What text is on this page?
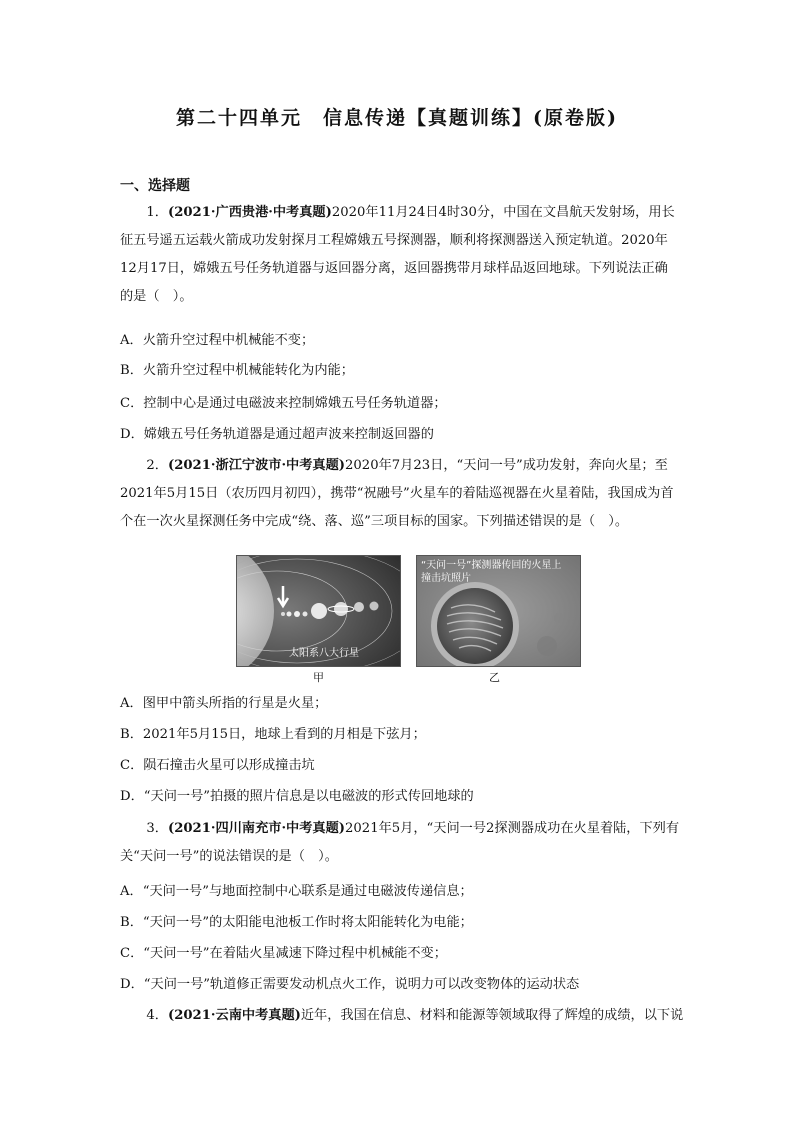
第二十四单元　信息传递【真题训练】(原卷版)
一、选择题
1．(2021·广西贵港·中考真题)2020年11月24日4时30分，中国在文昌航天发射场，用长征五号遥五运载火箭成功发射探月工程嫦娥五号探测器，顺利将探测器送入预定轨道。2020年12月17日，嫦娥五号任务轨道器与返回器分离，返回器携带月球样品返回地球。下列说法正确的是（　）。
A．火箭升空过程中机械能不变；
B．火箭升空过程中机械能转化为内能；
C．控制中心是通过电磁波来控制嫦娥五号任务轨道器；
D．嫦娥五号任务轨道器是通过超声波来控制返回器的
2．(2021·浙江宁波市·中考真题)2020年7月23日，“天问一号”成功发射，奔向火星；至2021年5月15日（农历四月初四），携带“祝融号”火星车的着陆巡视器在火星着陆，我国成为首个在一次火星探测任务中完成“绕、落、巡”三项目标的国家。下列描述错误的是（　）。
太阳系八大行星
甲
“天问一号”探测器传回的火星上撞击坑照片
乙
A．图甲中箭头所指的行星是火星；
B．2021年5月15日，地球上看到的月相是下弦月；
C．陨石撞击火星可以形成撞击坑
D．“天问一号”拍摄的照片信息是以电磁波的形式传回地球的
3．(2021·四川南充市·中考真题)2021年5月，“天问一号2探测器成功在火星着陆，下列有关“天问一号”的说法错误的是（　）。
A．“天问一号”与地面控制中心联系是通过电磁波传递信息；
B．“天问一号”的太阳能电池板工作时将太阳能转化为电能；
C．“天问一号”在着陆火星减速下降过程中机械能不变；
D．“天问一号”轨道修正需要发动机点火工作，说明力可以改变物体的运动状态
4．(2021·云南中考真题)近年，我国在信息、材料和能源等领域取得了辉煌的成绩，以下说
